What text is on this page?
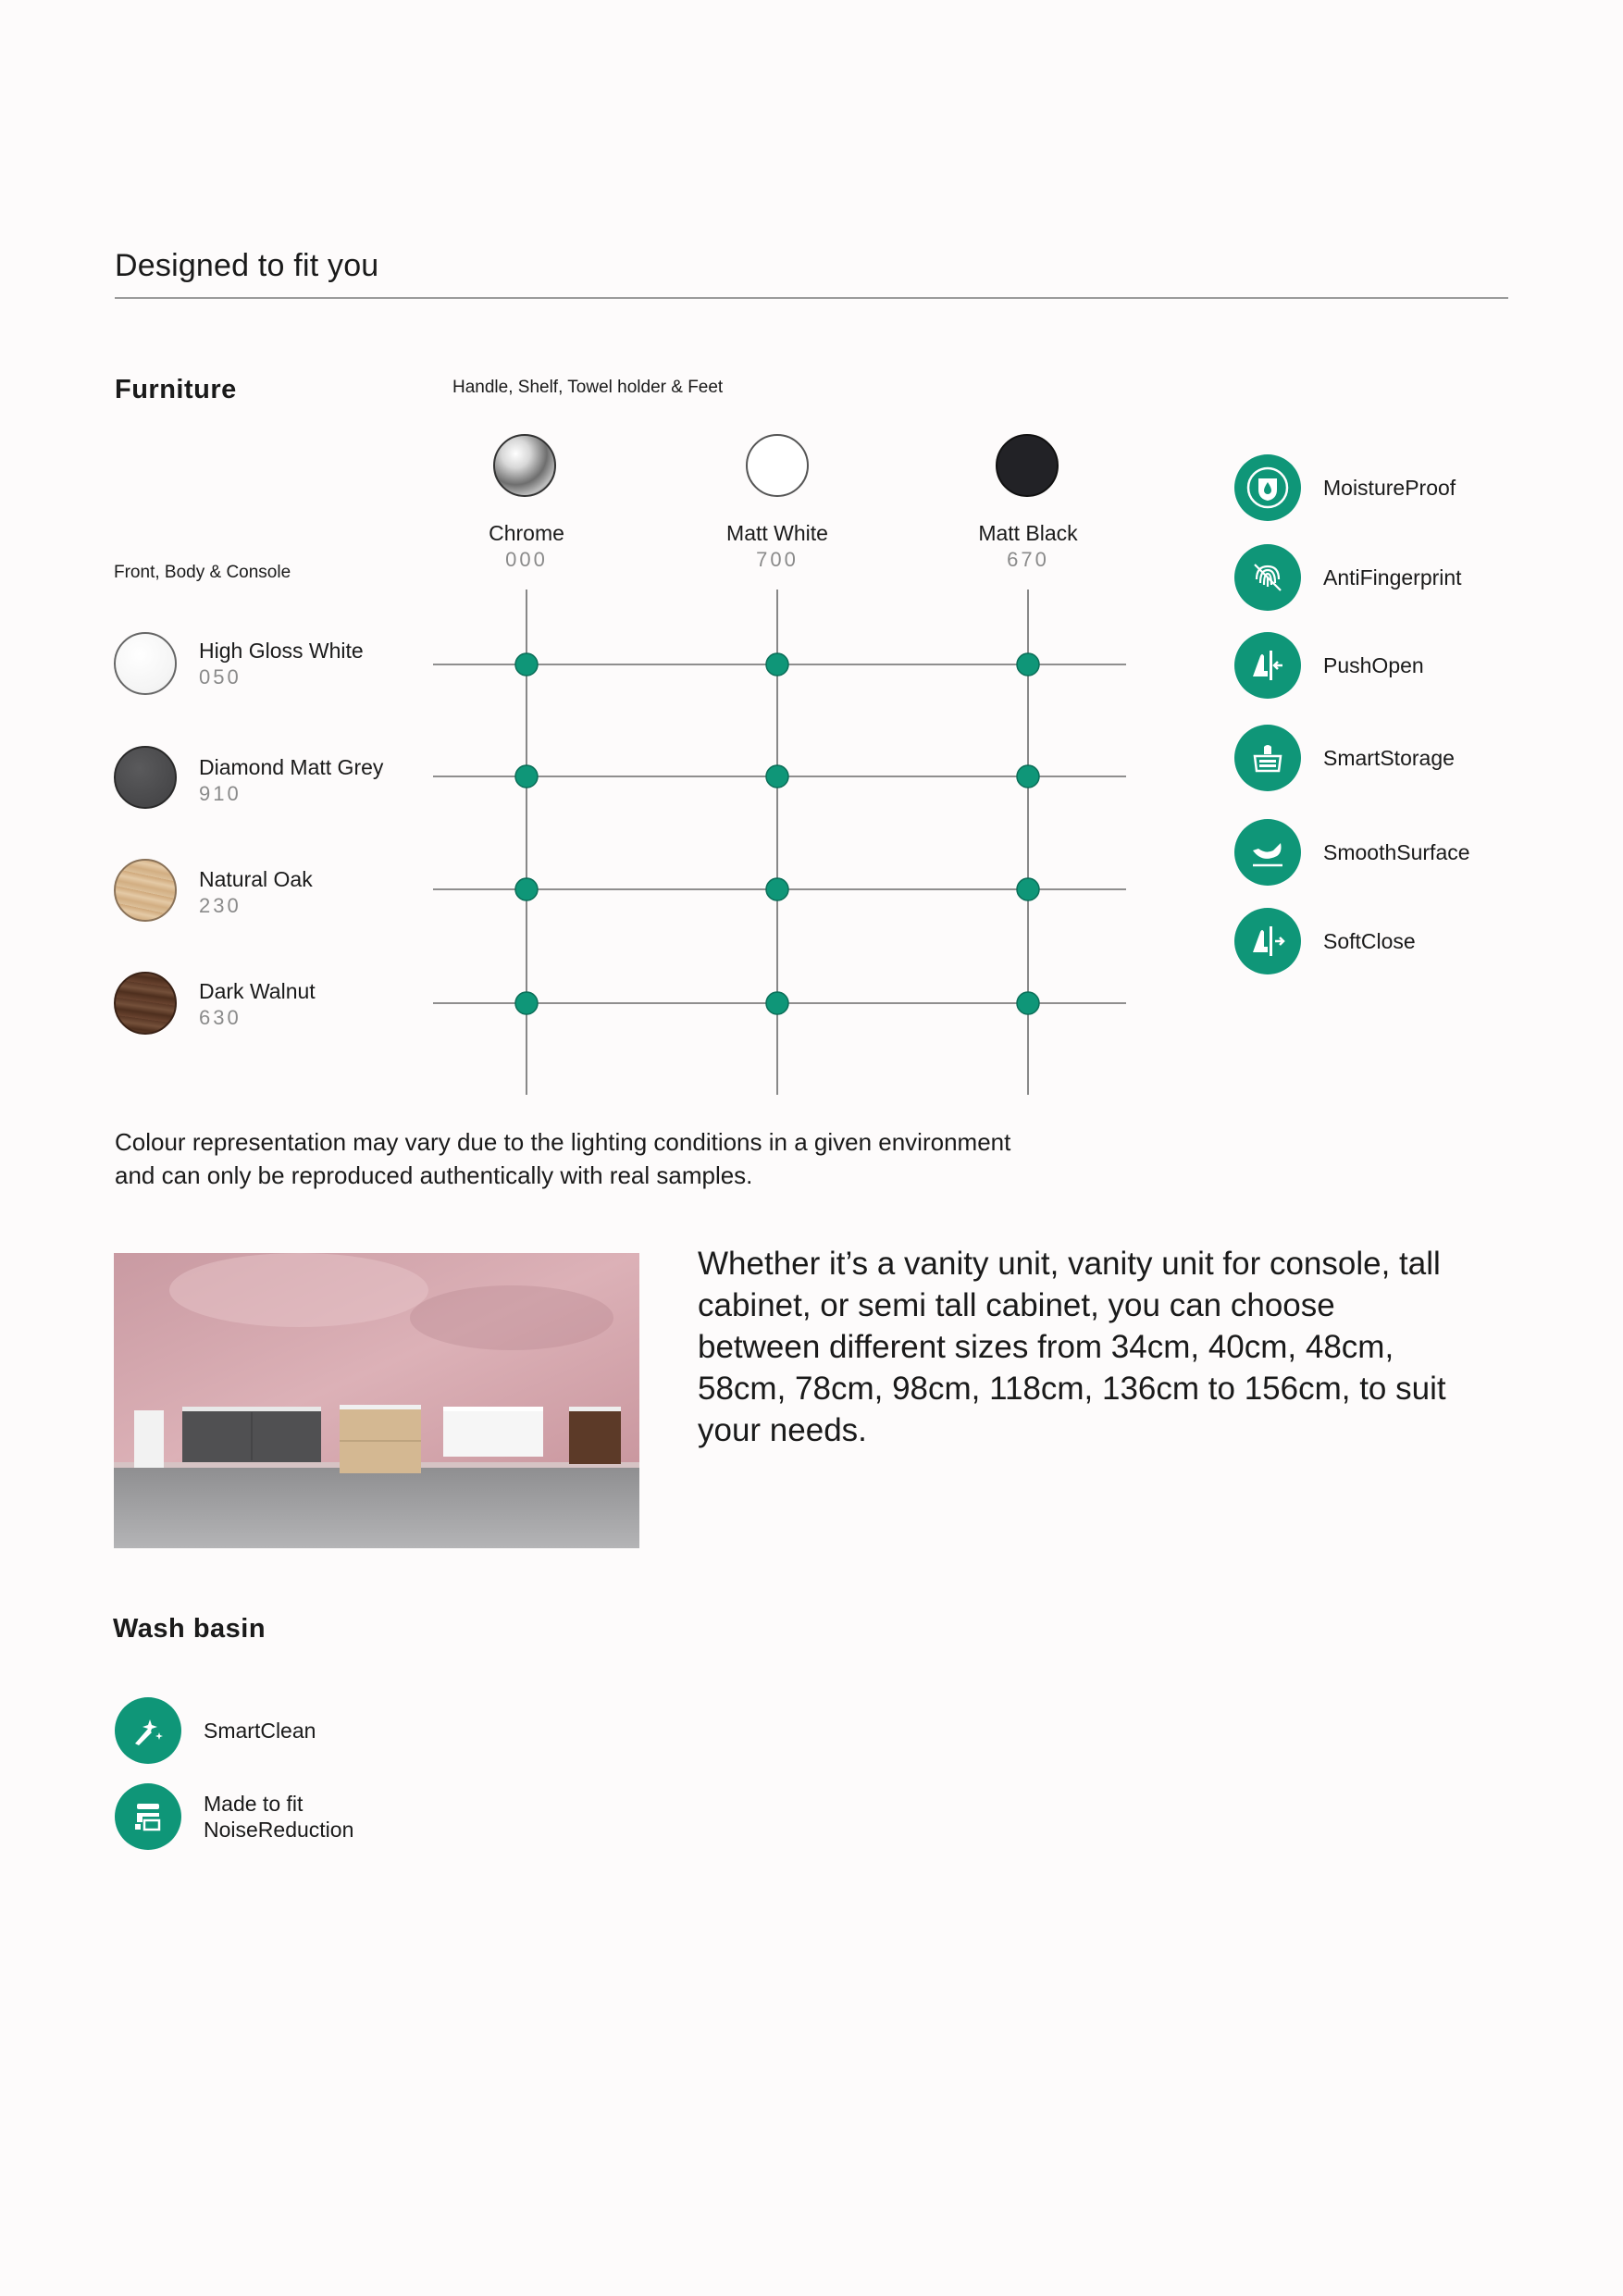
Designed to fit you
Furniture	Handle, Shelf, Towel holder & Feet
Front, Body & Console
Chrome
000
Matt White
700
Matt Black
670
High Gloss White
050
Diamond Matt Grey
910
Natural Oak
230
Dark Walnut
630
MoistureProof
AntiFingerprint
PushOpen
SmartStorage
SmoothSurface
SoftClose
Colour representation may vary due to the lighting conditions in a given environment
and can only be reproduced authentically with real samples.
Whether it’s a vanity unit, vanity unit for console, tall cabinet, or semi tall cabinet, you can choose between different sizes from 34cm, 40cm, 48cm, 58cm, 78cm, 98cm, 118cm, 136cm to 156cm, to suit your needs.
Wash basin
SmartClean
Made to fit
NoiseReduction
